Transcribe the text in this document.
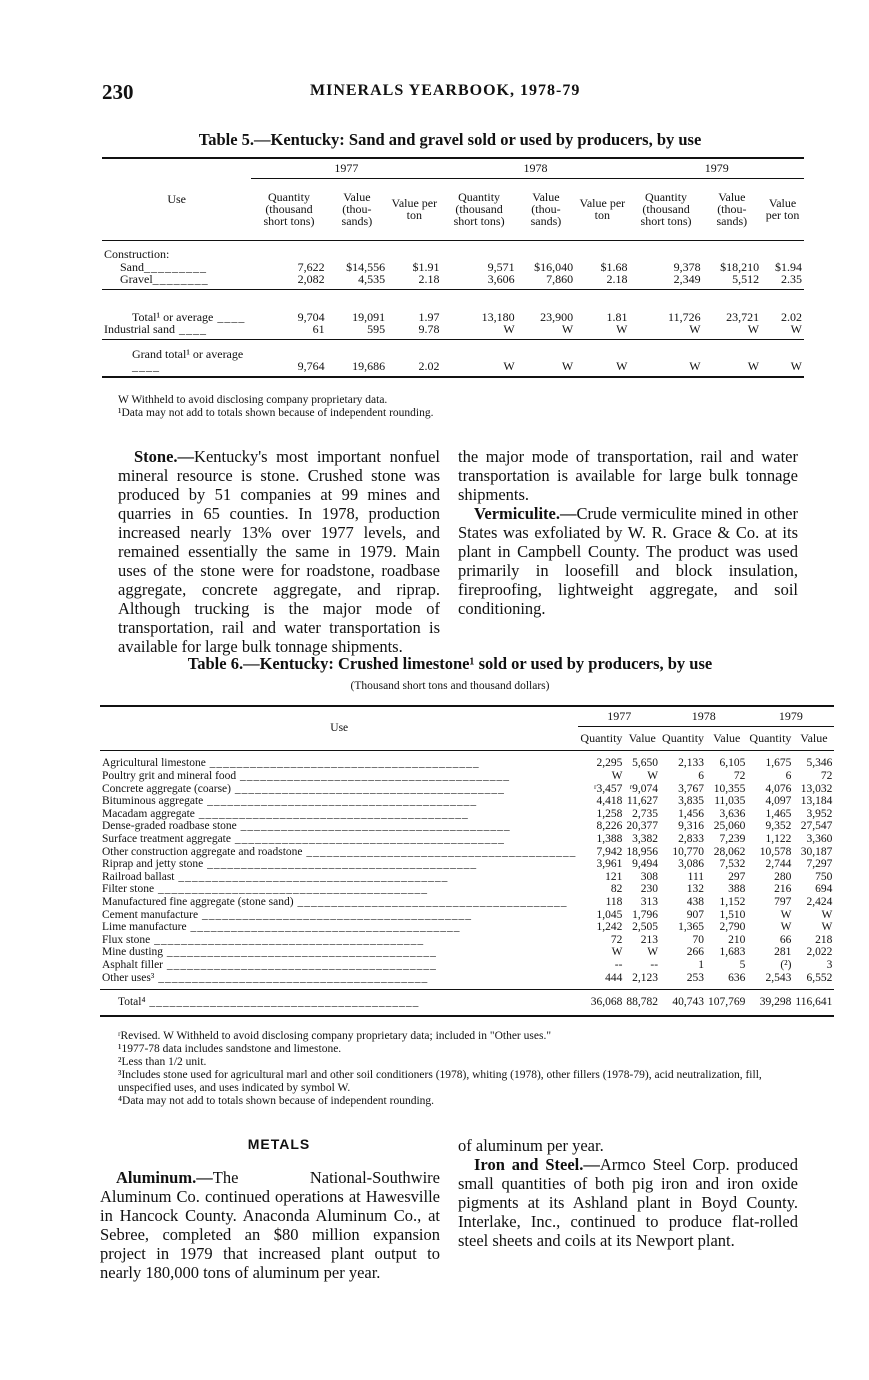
230	MINERALS YEARBOOK, 1978-79
Table 5.—Kentucky: Sand and gravel sold or used by producers, by use
Use	1977			1978			1979		
	Quantity (thousand short tons)	Value (thou- sands)	Value per ton	Quantity (thousand short tons)	Value (thou- sands)	Value per ton	Quantity (thousand short tons)	Value (thou- sands)	Value per ton
Construction:									
Sand_________	7,622	$14,556	$1.91	9,571	$16,040	$1.68	9,378	$18,210	$1.94
Gravel________	2,082	4,535	2.18	3,606	7,860	2.18	2,349	5,512	2.35
Total¹ or average ____	9,704	19,091	1.97	13,180	23,900	1.81	11,726	23,721	2.02
Industrial sand ____	61	595	9.78	W	W	W	W	W	W
Grand total¹ or average ____	9,764	19,686	2.02	W	W	W	W	W	W
W Withheld to avoid disclosing company proprietary data.
¹Data may not add to totals shown because of independent rounding.

Stone.—Kentucky's most important nonfuel mineral resource is stone. Crushed stone was produced by 51 companies at 99 mines and quarries in 65 counties. In 1978, production increased nearly 13% over 1977 levels, and remained essentially the same in 1979. Main uses of the stone were for roadstone, roadbase aggregate, concrete aggregate, and riprap. Although trucking is the major mode of transportation, rail and water transportation is available for large bulk tonnage shipments.

the major mode of transportation, rail and water transportation is available for large bulk tonnage shipments.

Vermiculite.—Crude vermiculite mined in other States was exfoliated by W. R. Grace & Co. at its plant in Campbell County. The product was used primarily in loosefill and block insulation, fireproofing, lightweight aggregate, and soil conditioning.

Table 6.—Kentucky: Crushed limestone¹ sold or used by producers, by use
(Thousand short tons and thousand dollars)
Use	1977		1978		1979	
	Quantity	Value	Quantity	Value	Quantity	Value
Agricultural limestone ________________________________________	2,295	5,650	2,133	6,105	1,675	5,346
Poultry grit and mineral food ________________________________________	W	W	6	72	6	72
Concrete aggregate (coarse) ________________________________________	ʳ3,457	ʳ9,074	3,767	10,355	4,076	13,032
Bituminous aggregate ________________________________________	4,418	11,627	3,835	11,035	4,097	13,184
Macadam aggregate ________________________________________	1,258	2,735	1,456	3,636	1,465	3,952
Dense-graded roadbase stone ________________________________________	8,226	20,377	9,316	25,060	9,352	27,547
Surface treatment aggregate ________________________________________	1,388	3,382	2,833	7,239	1,122	3,360
Other construction aggregate and roadstone ________________________________________	7,942	18,956	10,770	28,062	10,578	30,187
Riprap and jetty stone ________________________________________	3,961	9,494	3,086	7,532	2,744	7,297
Railroad ballast ________________________________________	121	308	111	297	280	750
Filter stone ________________________________________	82	230	132	388	216	694
Manufactured fine aggregate (stone sand) ________________________________________	118	313	438	1,152	797	2,424
Cement manufacture ________________________________________	1,045	1,796	907	1,510	W	W
Lime manufacture ________________________________________	1,242	2,505	1,365	2,790	W	W
Flux stone ________________________________________	72	213	70	210	66	218
Mine dusting ________________________________________	W	W	266	1,683	281	2,022
Asphalt filler ________________________________________	--	--	1	5	(²)	3
Other uses³ ________________________________________	444	2,123	253	636	2,543	6,552
Total⁴ ________________________________________	36,068	88,782	40,743	107,769	39,298	116,641
ʳRevised. W Withheld to avoid disclosing company proprietary data; included in "Other uses."
¹1977-78 data includes sandstone and limestone.
²Less than 1/2 unit.
³Includes stone used for agricultural marl and other soil conditioners (1978), whiting (1978), other fillers (1978-79), acid neutralization, fill, unspecified uses, and uses indicated by symbol W.
⁴Data may not add to totals shown because of independent rounding.
METALS

Aluminum.—The National-Southwire Aluminum Co. continued operations at Hawesville in Hancock County. Anaconda Aluminum Co., at Sebree, completed an $80 million expansion project in 1979 that increased plant output to nearly 180,000 tons of aluminum per year.

of aluminum per year.

Iron and Steel.—Armco Steel Corp. produced small quantities of both pig iron and iron oxide pigments at its Ashland plant in Boyd County. Interlake, Inc., continued to produce flat-rolled steel sheets and coils at its Newport plant.
